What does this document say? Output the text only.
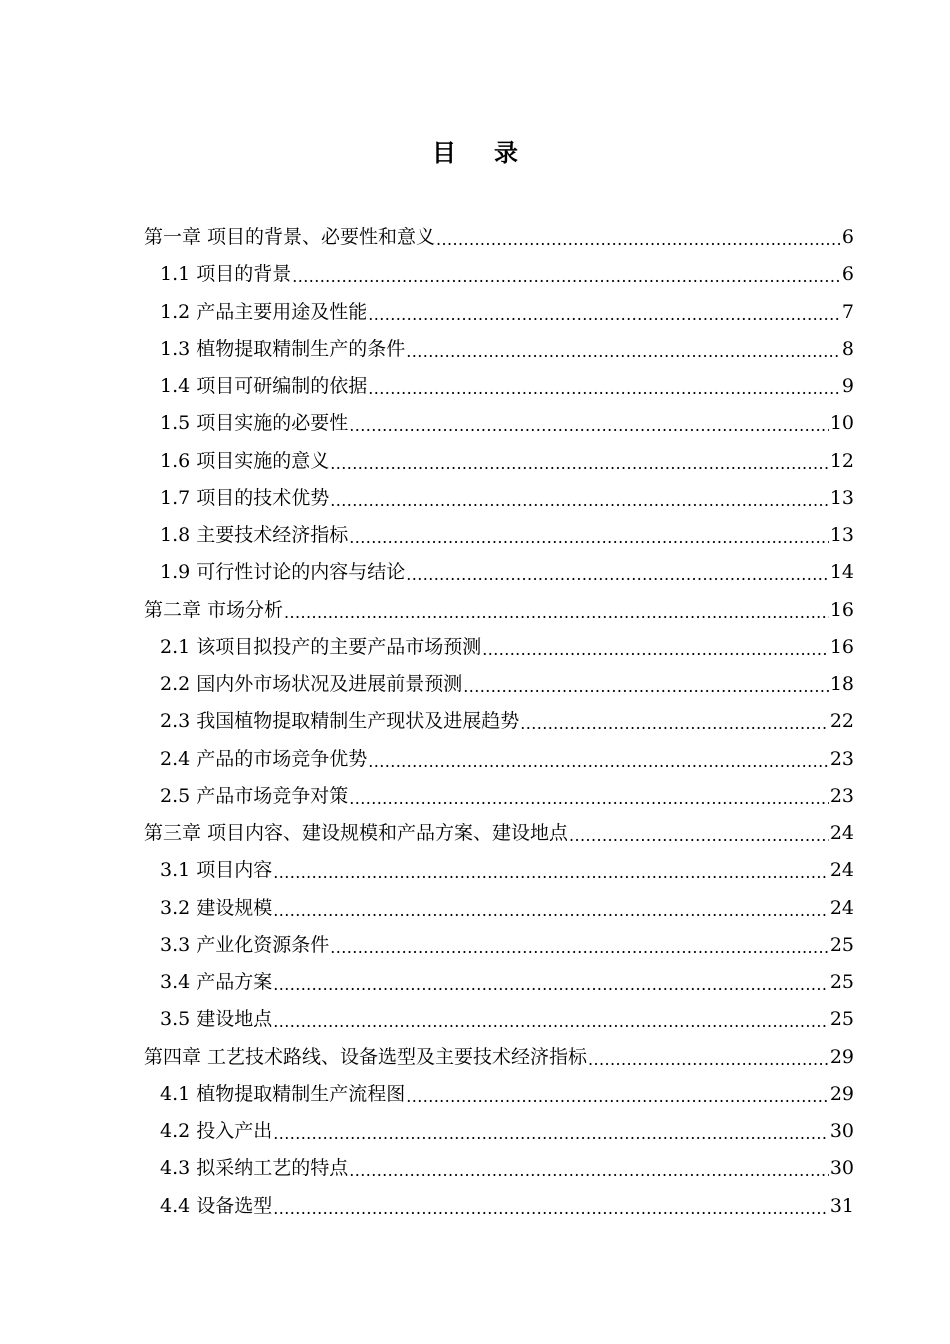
目 录
第一章 项目的背景、必要性和意义 .....	6
1.1 项目的背景 .....	6
1.2 产品主要用途及性能 .....	7
1.3 植物提取精制生产的条件 .....	8
1.4 项目可研编制的依据 .....	9
1.5 项目实施的必要性 .....	10
1.6 项目实施的意义 .....	12
1.7 项目的技术优势 .....	13
1.8 主要技术经济指标 .....	13
1.9 可行性讨论的内容与结论 .....	14
第二章 市场分析 .....	16
2.1 该项目拟投产的主要产品市场预测 .....	16
2.2 国内外市场状况及进展前景预测 .....	18
2.3 我国植物提取精制生产现状及进展趋势 .....	22
2.4 产品的市场竞争优势 .....	23
2.5 产品市场竞争对策 .....	23
第三章 项目内容、建设规模和产品方案、建设地点 .....	24
3.1 项目内容 .....	24
3.2 建设规模 .....	24
3.3 产业化资源条件 .....	25
3.4 产品方案 .....	25
3.5 建设地点 .....	25
第四章 工艺技术路线、设备选型及主要技术经济指标 .....	29
4.1 植物提取精制生产流程图 .....	29
4.2 投入产出 .....	30
4.3 拟采纳工艺的特点 .....	30
4.4 设备选型 .....	31
